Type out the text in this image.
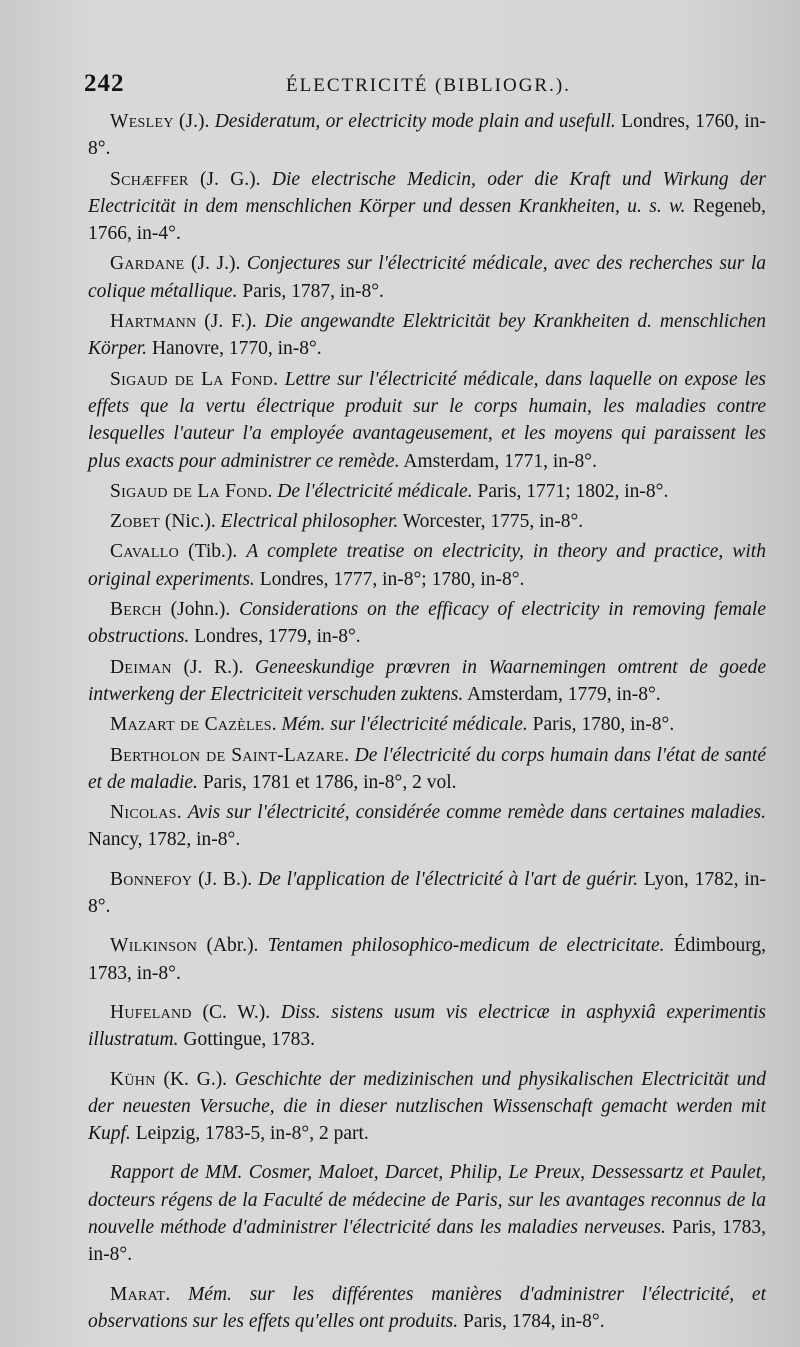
242	ÉLECTRICITÉ (BIBLIOGR.).

Wesley (J.). Desideratum, or electricity mode plain and usefull. Londres, 1760, in-8°.

Schæffer (J. G.). Die electrische Medicin, oder die Kraft und Wirkung der Electricität in dem menschlichen Körper und dessen Krankheiten, u. s. w. Regeneb, 1766, in-4°.

Gardane (J. J.). Conjectures sur l'électricité médicale, avec des recherches sur la colique métallique. Paris, 1787, in-8°.

Hartmann (J. F.). Die angewandte Elektricität bey Krankheiten d. menschlichen Körper. Hanovre, 1770, in-8°.

Sigaud de La Fond. Lettre sur l'électricité médicale, dans laquelle on expose les effets que la vertu électrique produit sur le corps humain, les maladies contre lesquelles l'auteur l'a employée avantageusement, et les moyens qui paraissent les plus exacts pour administrer ce remède. Amsterdam, 1771, in-8°.

Sigaud de La Fond. De l'électricité médicale. Paris, 1771; 1802, in-8°.

Zobet (Nic.). Electrical philosopher. Worcester, 1775, in-8°.

Cavallo (Tib.). A complete treatise on electricity, in theory and practice, with original experiments. Londres, 1777, in-8°; 1780, in-8°.

Berch (John.). Considerations on the efficacy of electricity in removing female obstructions. Londres, 1779, in-8°.

Deiman (J. R.). Geneeskundige prœvren in Waarnemingen omtrent de goede intwerkeng der Electriciteit verschuden zuktens. Amsterdam, 1779, in-8°.

Mazart de Cazèles. Mém. sur l'électricité médicale. Paris, 1780, in-8°.

Bertholon de Saint-Lazare. De l'électricité du corps humain dans l'état de santé et de maladie. Paris, 1781 et 1786, in-8°, 2 vol.

Nicolas. Avis sur l'électricité, considérée comme remède dans certaines maladies. Nancy, 1782, in-8°.

Bonnefoy (J. B.). De l'application de l'électricité à l'art de guérir. Lyon, 1782, in-8°.

Wilkinson (Abr.). Tentamen philosophico-medicum de electricitate. Édimbourg, 1783, in-8°.

Hufeland (C. W.). Diss. sistens usum vis electricæ in asphyxiâ experimentis illustratum. Gottingue, 1783.

Kühn (K. G.). Geschichte der medizinischen und physikalischen Electricität und der neuesten Versuche, die in dieser nutzlischen Wissenschaft gemacht werden mit Kupf. Leipzig, 1783-5, in-8°, 2 part.

Rapport de MM. Cosmer, Maloet, Darcet, Philip, Le Preux, Dessessartz et Paulet, docteurs régens de la Faculté de médecine de Paris, sur les avantages reconnus de la nouvelle méthode d'administrer l'électricité dans les maladies nerveuses. Paris, 1783, in-8°.

Marat. Mém. sur les différentes manières d'administrer l'électricité, et observations sur les effets qu'elles ont produits. Paris, 1784, in-8°.
